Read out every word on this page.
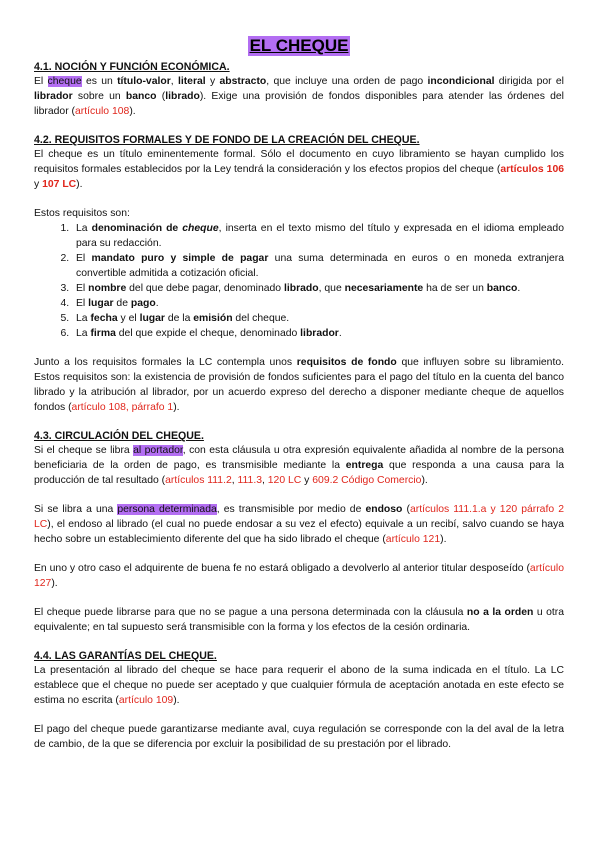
EL CHEQUE
4.1. NOCIÓN Y FUNCIÓN ECONÓMICA.

El cheque es un título-valor, literal y abstracto, que incluye una orden de pago incondicional dirigida por el librador sobre un banco (librado). Exige una provisión de fondos disponibles para atender las órdenes del librador (artículo 108).

4.2. REQUISITOS FORMALES Y DE FONDO DE LA CREACIÓN DEL CHEQUE.

El cheque es un título eminentemente formal. Sólo el documento en cuyo libramiento se hayan cumplido los requisitos formales establecidos por la Ley tendrá la consideración y los efectos propios del cheque (artículos 106 y 107 LC).

Estos requisitos son:

1. La denominación de cheque, inserta en el texto mismo del título y expresada en el idioma empleado para su redacción.
2. El mandato puro y simple de pagar una suma determinada en euros o en moneda extranjera convertible admitida a cotización oficial.
3. El nombre del que debe pagar, denominado librado, que necesariamente ha de ser un banco.
4. El lugar de pago.
5. La fecha y el lugar de la emisión del cheque.
6. La firma del que expide el cheque, denominado librador.

Junto a los requisitos formales la LC contempla unos requisitos de fondo que influyen sobre su libramiento. Estos requisitos son: la existencia de provisión de fondos suficientes para el pago del título en la cuenta del banco librado y la atribución al librador, por un acuerdo expreso del derecho a disponer mediante cheque de aquellos fondos (artículo 108, párrafo 1).

4.3. CIRCULACIÓN DEL CHEQUE.

Si el cheque se libra al portador, con esta cláusula u otra expresión equivalente añadida al nombre de la persona beneficiaria de la orden de pago, es transmisible mediante la entrega que responda a una causa para la producción de tal resultado (artículos 111.2, 111.3, 120 LC y 609.2 Código Comercio).

Si se libra a una persona determinada, es transmisible por medio de endoso (artículos 111.1.a y 120 párrafo 2 LC), el endoso al librado (el cual no puede endosar a su vez el efecto) equivale a un recibí, salvo cuando se haya hecho sobre un establecimiento diferente del que ha sido librado el cheque (artículo 121).

En uno y otro caso el adquirente de buena fe no estará obligado a devolverlo al anterior titular desposeído (artículo 127).

El cheque puede librarse para que no se pague a una persona determinada con la cláusula no a la orden u otra equivalente; en tal supuesto será transmisible con la forma y los efectos de la cesión ordinaria.

4.4. LAS GARANTÍAS DEL CHEQUE.

La presentación al librado del cheque se hace para requerir el abono de la suma indicada en el título. La LC establece que el cheque no puede ser aceptado y que cualquier fórmula de aceptación anotada en este efecto se estima no escrita (artículo 109).

El pago del cheque puede garantizarse mediante aval, cuya regulación se corresponde con la del aval de la letra de cambio, de la que se diferencia por excluir la posibilidad de su prestación por el librado.
